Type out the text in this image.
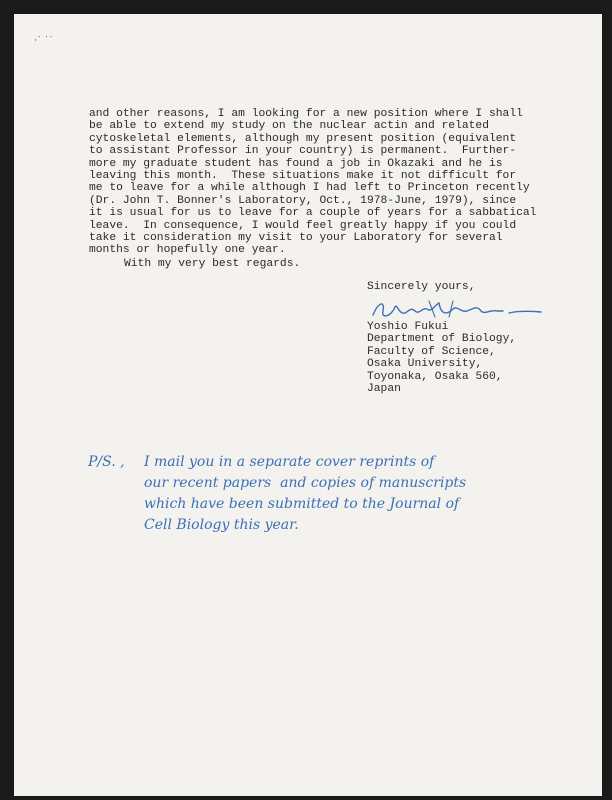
·˙ ˙˙
and other reasons, I am looking for a new position where I shall
be able to extend my study on the nuclear actin and related
cytoskeletal elements, although my present position (equivalent
to assistant Professor in your country) is permanent.  Further-
more my graduate student has found a job in Okazaki and he is
leaving this month.  These situations make it not difficult for
me to leave for a while although I had left to Princeton recently
(Dr. John T. Bonner's Laboratory, Oct., 1978-June, 1979), since
it is usual for us to leave for a couple of years for a sabbatical
leave.  In consequence, I would feel greatly happy if you could
take it consideration my visit to your Laboratory for several
months or hopefully one year.

With my very best regards.

Sincerely yours,

Yoshio Fukui
Department of Biology,
Faculty of Science,
Osaka University,
Toyonaka, Osaka 560,
Japan

P/S. , I mail you in a separate cover reprints of
our recent papers  and copies of manuscripts
which have been submitted to the Journal of
Cell Biology this year.
